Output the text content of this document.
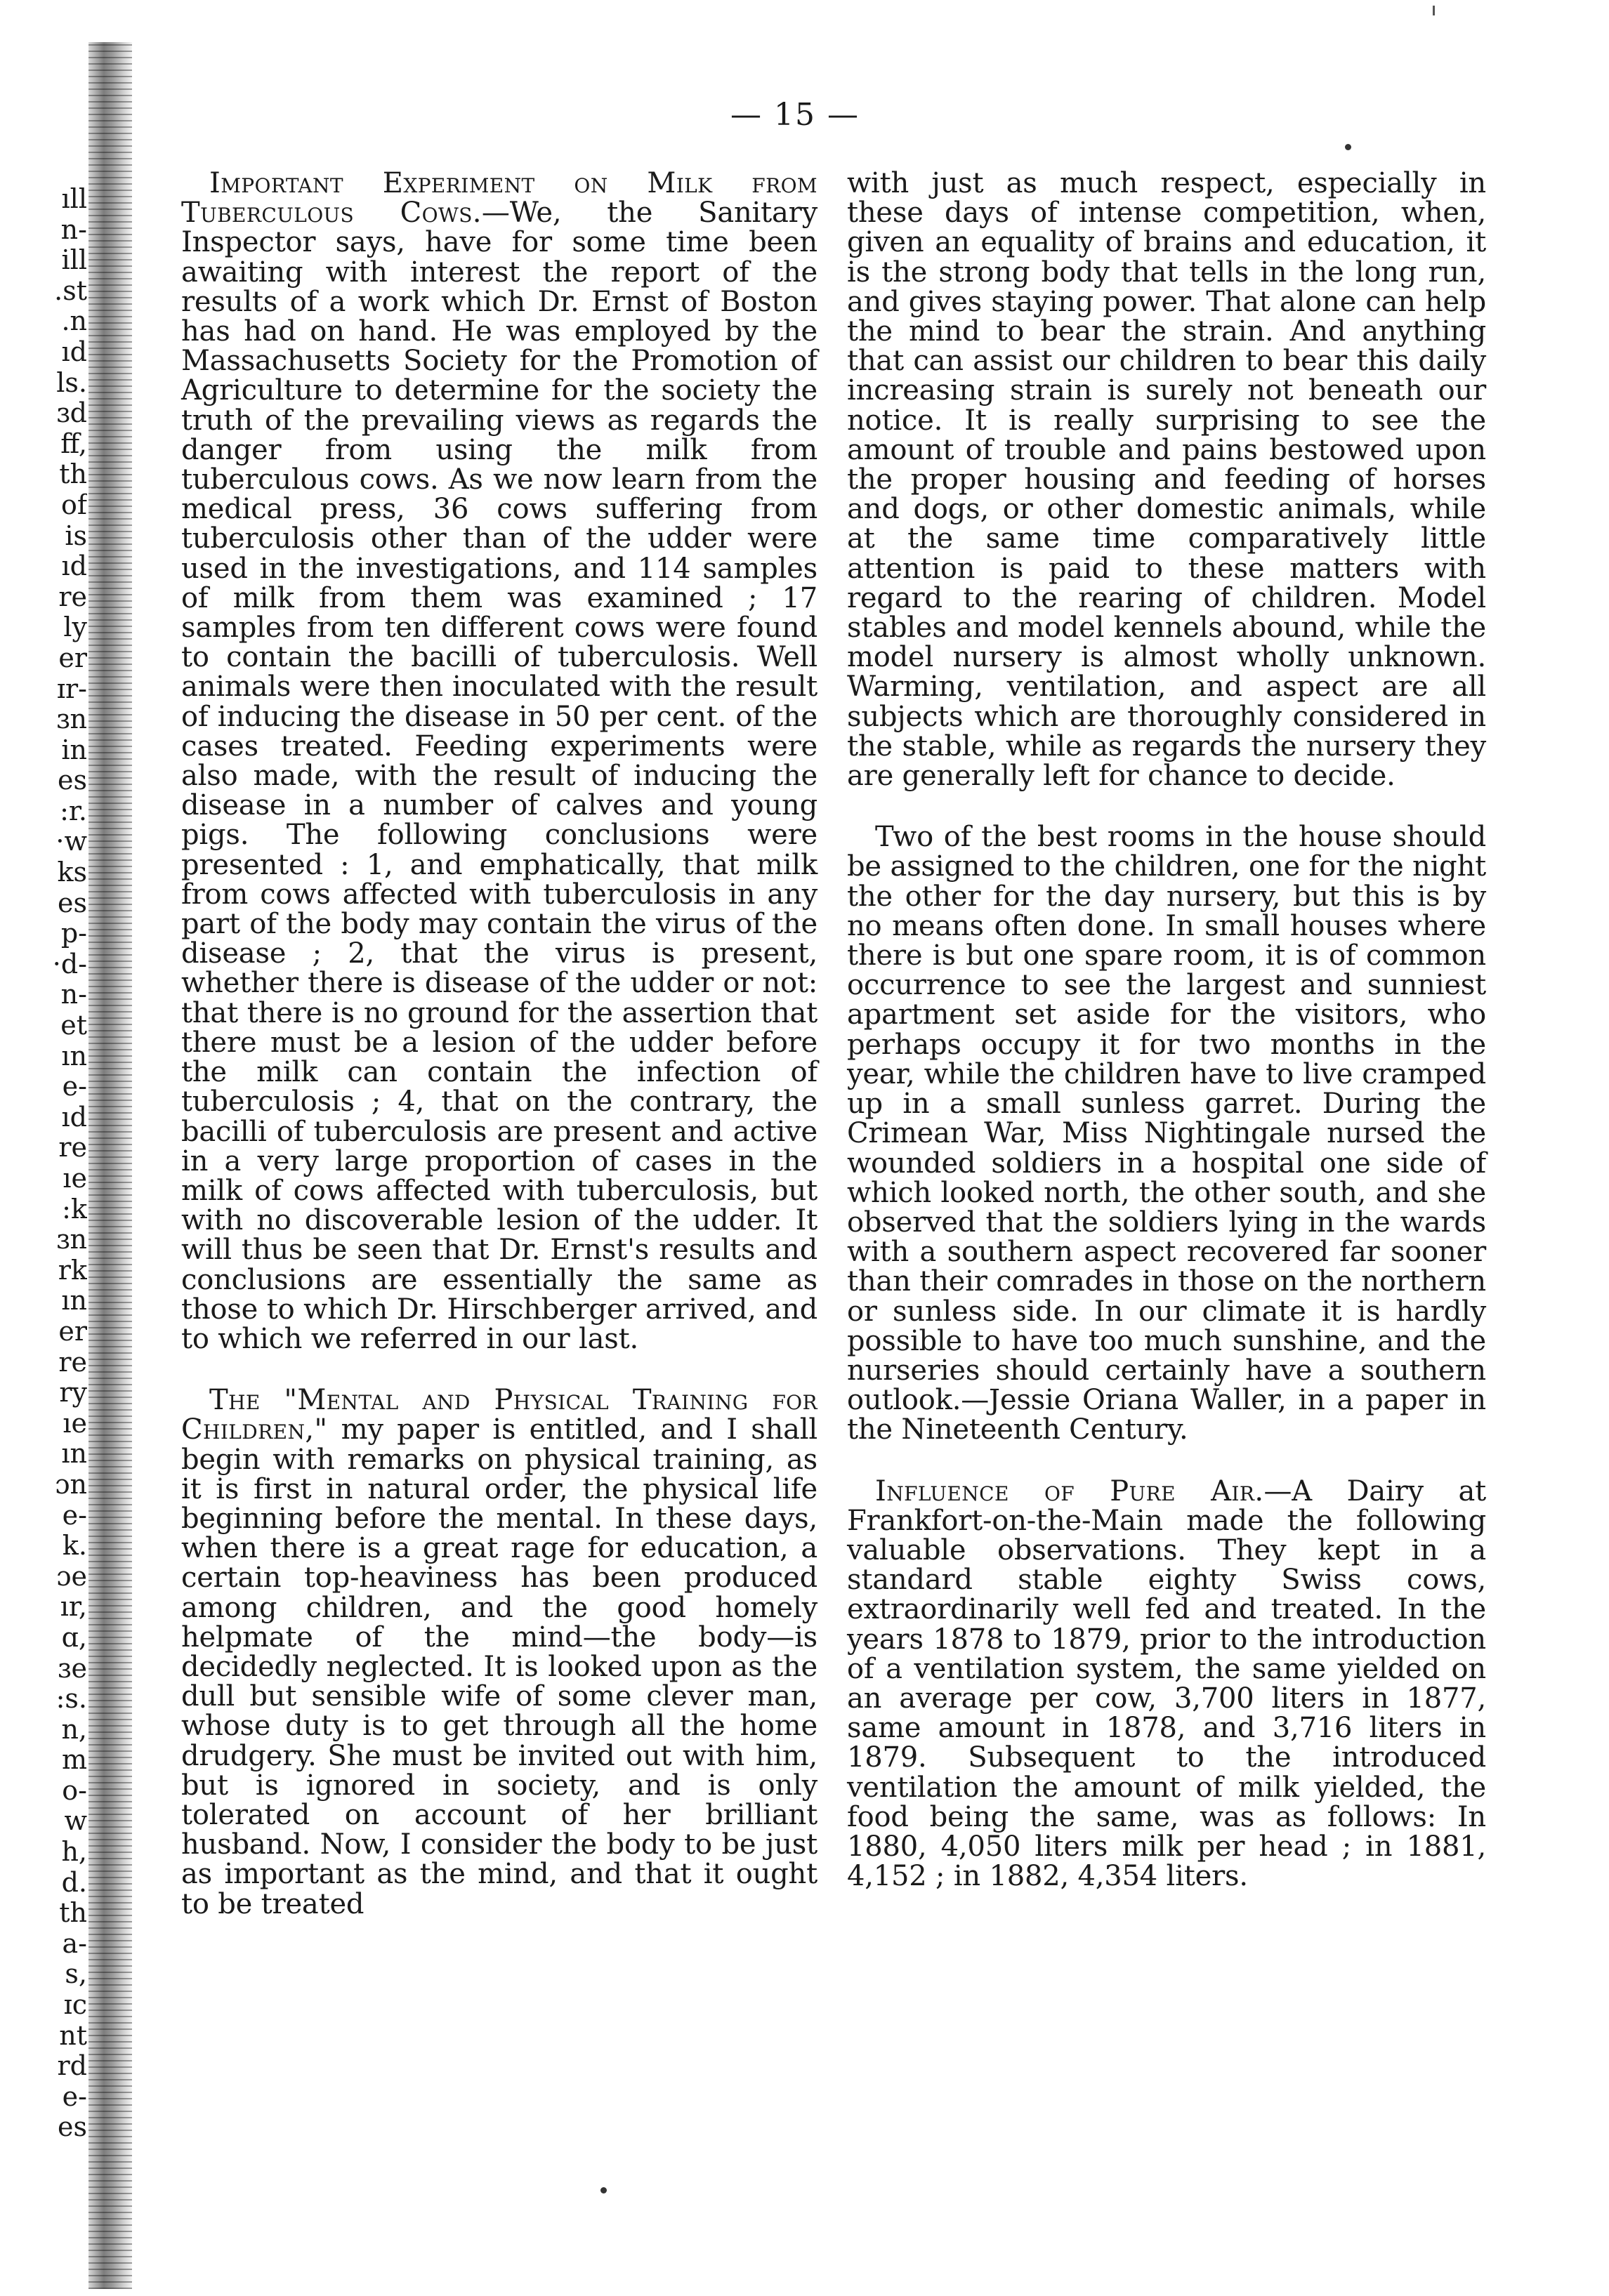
ıll
n-
ill
.st
.n
ıd
ls.
ɜd
ff,
th
of
is
ıd
re
ly
er
ɪr-
ɜn
in
es
:r.
·w
ks
es
p-
·d-
n-
et
ın
e-
ıd
re
ıe
:k
ɜn
rk
ın
er
re
ry
ıe
ın
ɔn
e-
k.
ɔe
ır,
ɑ,
ɜe
:s.
n,
m
o-
w
h,
d.
th
a-
s,
ɪc
nt
rd
e-
es
— 15 —

Important Experiment on Milk from Tuberculous Cows.—We, the Sanitary Inspector says, have for some time been awaiting with interest the report of the results of a work which Dr. Ernst of Boston has had on hand. He was employed by the Massachusetts Society for the Promotion of Agriculture to determine for the society the truth of the prevailing views as regards the danger from using the milk from tuberculous cows. As we now learn from the medical press, 36 cows suffering from tuberculosis other than of the udder were used in the investigations, and 114 samples of milk from them was examined ; 17 samples from ten different cows were found to contain the bacilli of tuberculosis. Well animals were then inoculated with the result of inducing the disease in 50 per cent. of the cases treated. Feeding experiments were also made, with the result of inducing the disease in a number of calves and young pigs. The following conclusions were presented : 1, and emphatically, that milk from cows affected with tuberculosis in any part of the body may contain the virus of the disease ; 2, that the virus is present, whether there is disease of the udder or not: that there is no ground for the assertion that there must be a lesion of the udder before the milk can contain the infection of tuberculosis ; 4, that on the contrary, the bacilli of tuberculosis are present and active in a very large proportion of cases in the milk of cows affected with tuberculosis, but with no discoverable lesion of the udder. It will thus be seen that Dr. Ernst's results and conclusions are essentially the same as those to which Dr. Hirschberger arrived, and to which we referred in our last.

The "Mental and Physical Training for Children," my paper is entitled, and I shall begin with remarks on physical training, as it is first in natural order, the physical life beginning before the mental. In these days, when there is a great rage for education, a certain top-heaviness has been produced among children, and the good homely helpmate of the mind—the body—is decidedly neglected. It is looked upon as the dull but sensible wife of some clever man, whose duty is to get through all the home drudgery. She must be invited out with him, but is ignored in society, and is only tolerated on account of her brilliant husband. Now, I consider the body to be just as important as the mind, and that it ought to be treated

with just as much respect, especially in these days of intense competition, when, given an equality of brains and education, it is the strong body that tells in the long run, and gives staying power. That alone can help the mind to bear the strain. And anything that can assist our children to bear this daily increasing strain is surely not beneath our notice. It is really surprising to see the amount of trouble and pains bestowed upon the proper housing and feeding of horses and dogs, or other domestic animals, while at the same time comparatively little attention is paid to these matters with regard to the rearing of children. Model stables and model kennels abound, while the model nursery is almost wholly unknown. Warming, ventilation, and aspect are all subjects which are thoroughly considered in the stable, while as regards the nursery they are generally left for chance to decide.

Two of the best rooms in the house should be assigned to the children, one for the night the other for the day nursery, but this is by no means often done. In small houses where there is but one spare room, it is of common occurrence to see the largest and sunniest apartment set aside for the visitors, who perhaps occupy it for two months in the year, while the children have to live cramped up in a small sunless garret. During the Crimean War, Miss Nightingale nursed the wounded soldiers in a hospital one side of which looked north, the other south, and she observed that the soldiers lying in the wards with a southern aspect recovered far sooner than their comrades in those on the northern or sunless side. In our climate it is hardly possible to have too much sunshine, and the nurseries should certainly have a southern outlook.—Jessie Oriana Waller, in a paper in the Nineteenth Century.

Influence of Pure Air.—A Dairy at Frankfort-on-the-Main made the following valuable observations. They kept in a standard stable eighty Swiss cows, extraordinarily well fed and treated. In the years 1878 to 1879, prior to the introduction of a ventilation system, the same yielded on an average per cow, 3,700 liters in 1877, same amount in 1878, and 3,716 liters in 1879. Subsequent to the introduced ventilation the amount of milk yielded, the food being the same, was as follows: In 1880, 4,050 liters milk per head ; in 1881, 4,152 ; in 1882, 4,354 liters.
